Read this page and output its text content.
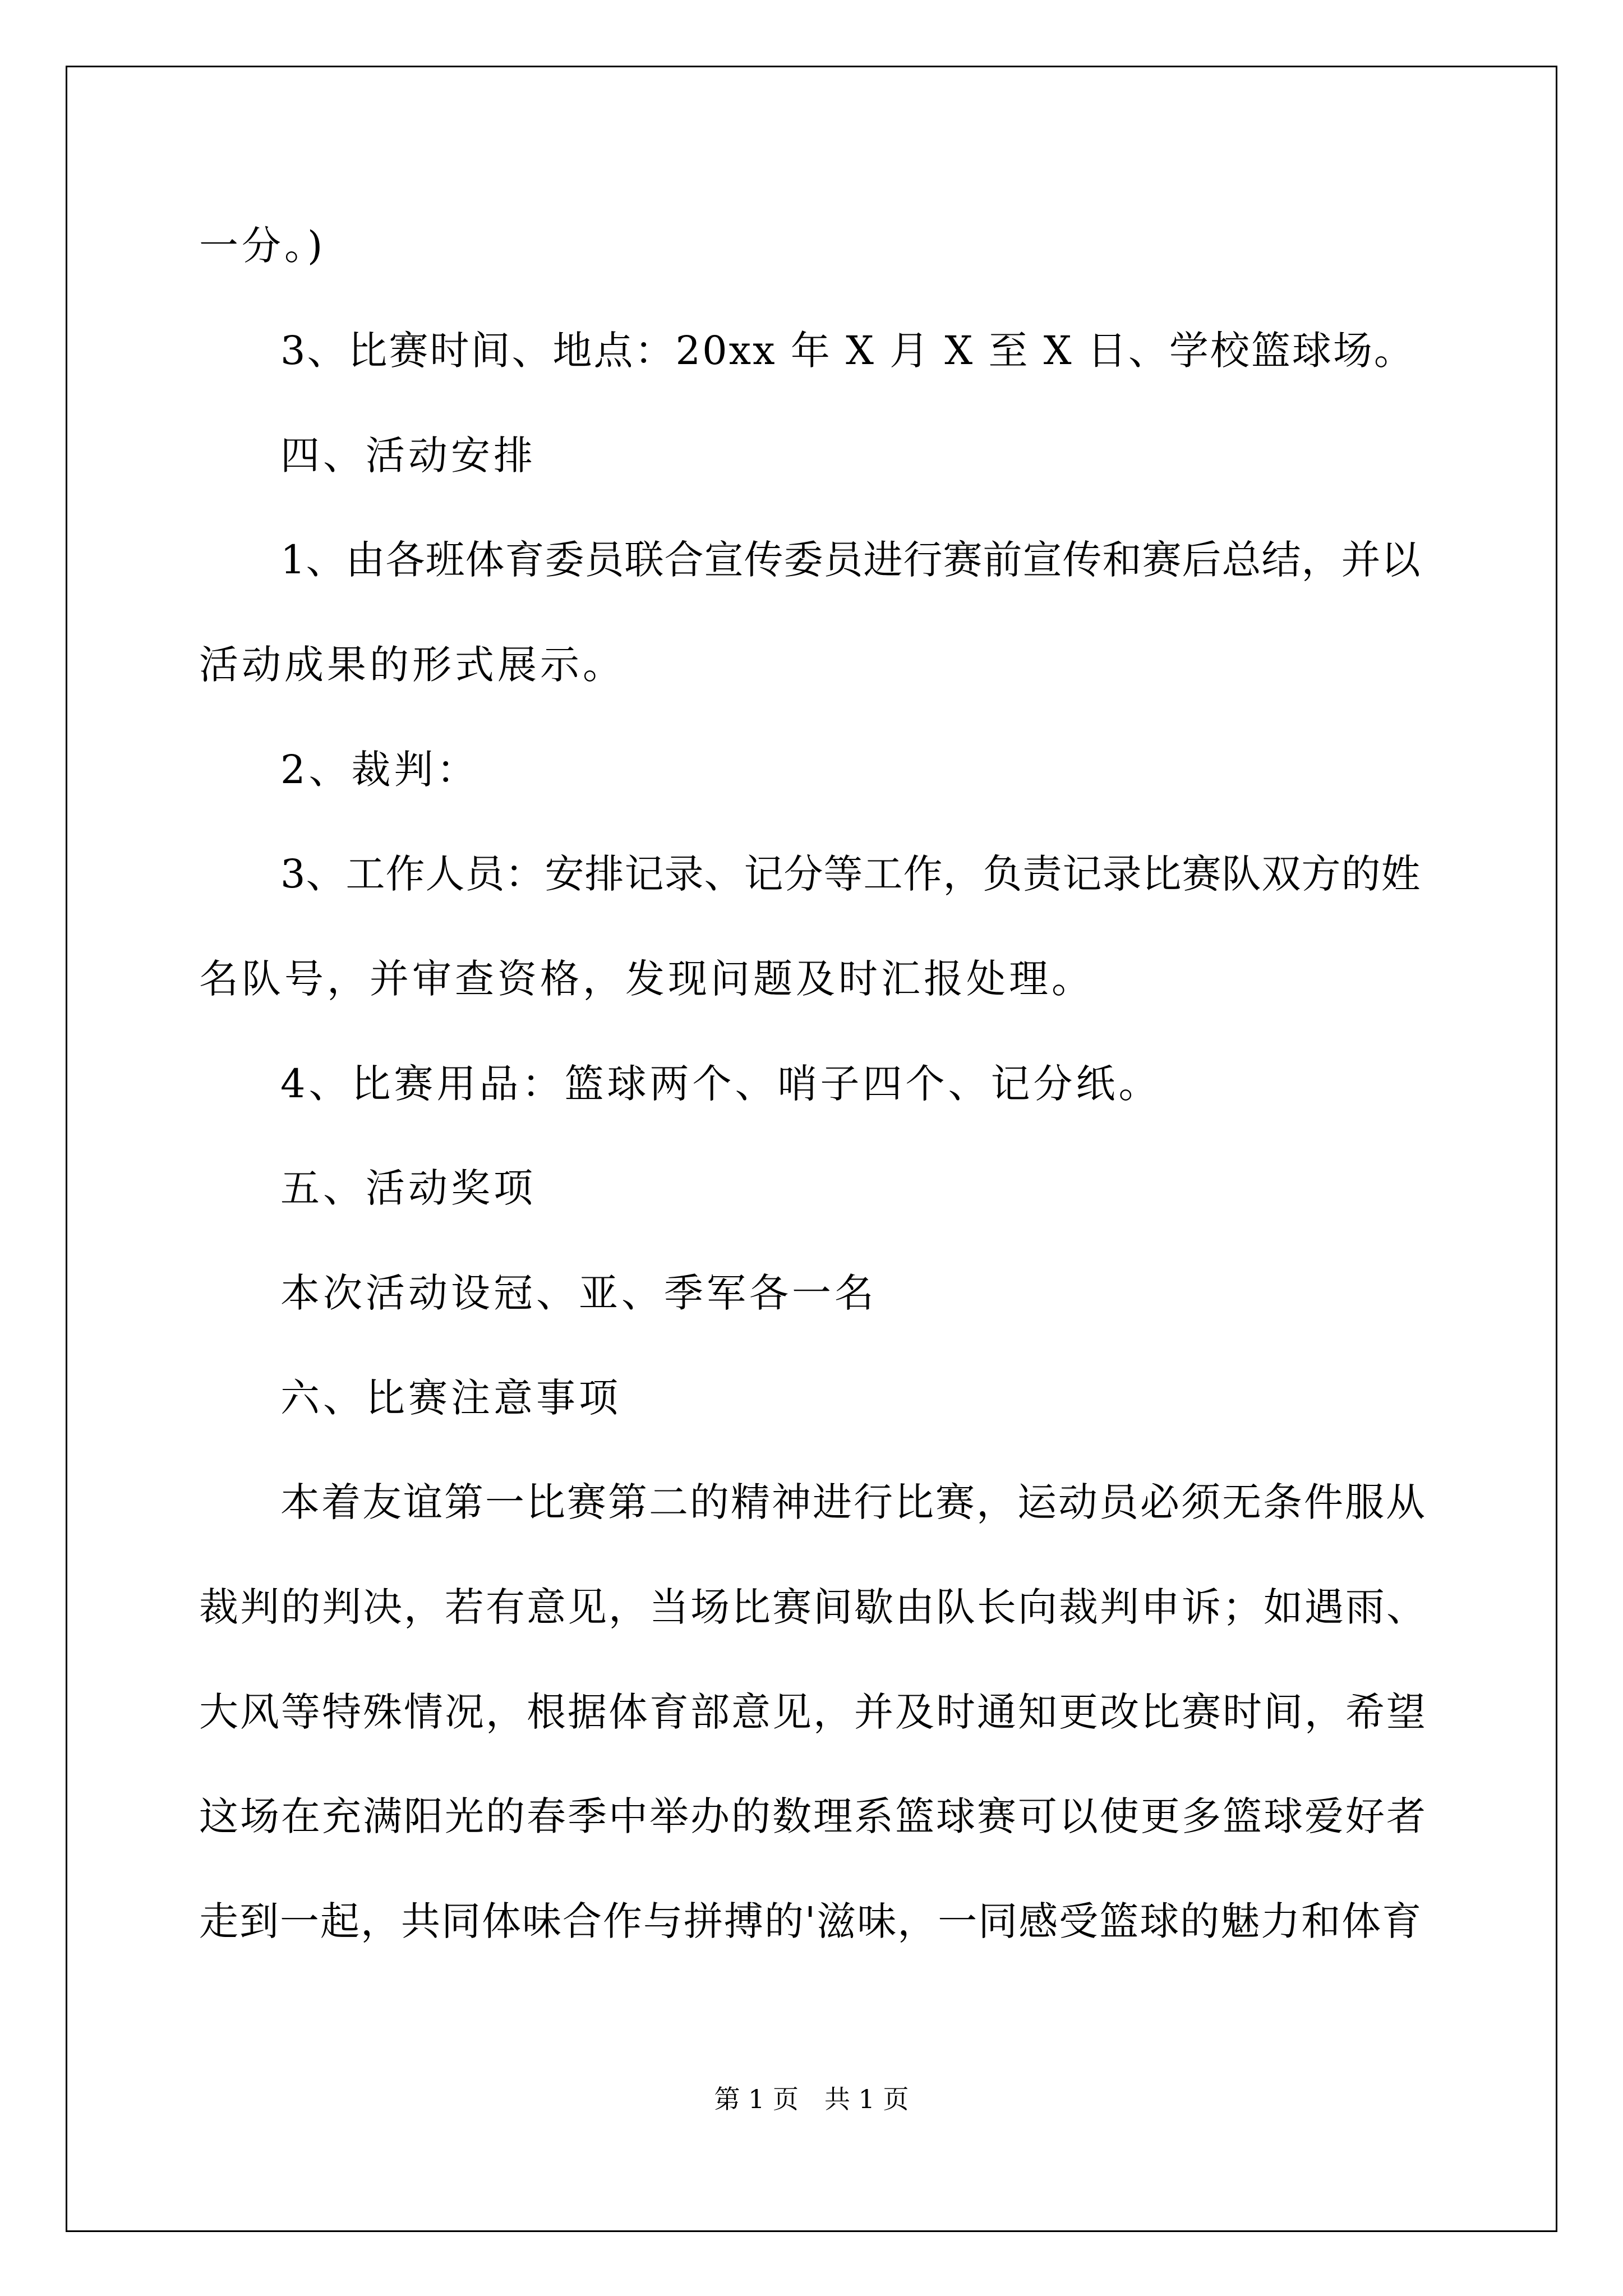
一分。)
3、比赛时间、地点：20xx 年 X 月 X 至 X 日、学校篮球场。
四、活动安排
1、由各班体育委员联合宣传委员进行赛前宣传和赛后总结，并以
活动成果的形式展示。
2、裁判：
3、工作人员：安排记录、记分等工作，负责记录比赛队双方的姓
名队号，并审查资格，发现问题及时汇报处理。
4、比赛用品：篮球两个、哨子四个、记分纸。
五、活动奖项
本次活动设冠、亚、季军各一名
六、比赛注意事项
本着友谊第一比赛第二的精神进行比赛，运动员必须无条件服从
裁判的判决，若有意见，当场比赛间歇由队长向裁判申诉；如遇雨、
大风等特殊情况，根据体育部意见，并及时通知更改比赛时间，希望
这场在充满阳光的春季中举办的数理系篮球赛可以使更多篮球爱好者
走到一起，共同体味合作与拼搏的'滋味，一同感受篮球的魅力和体育
第 1 页　共 1 页
